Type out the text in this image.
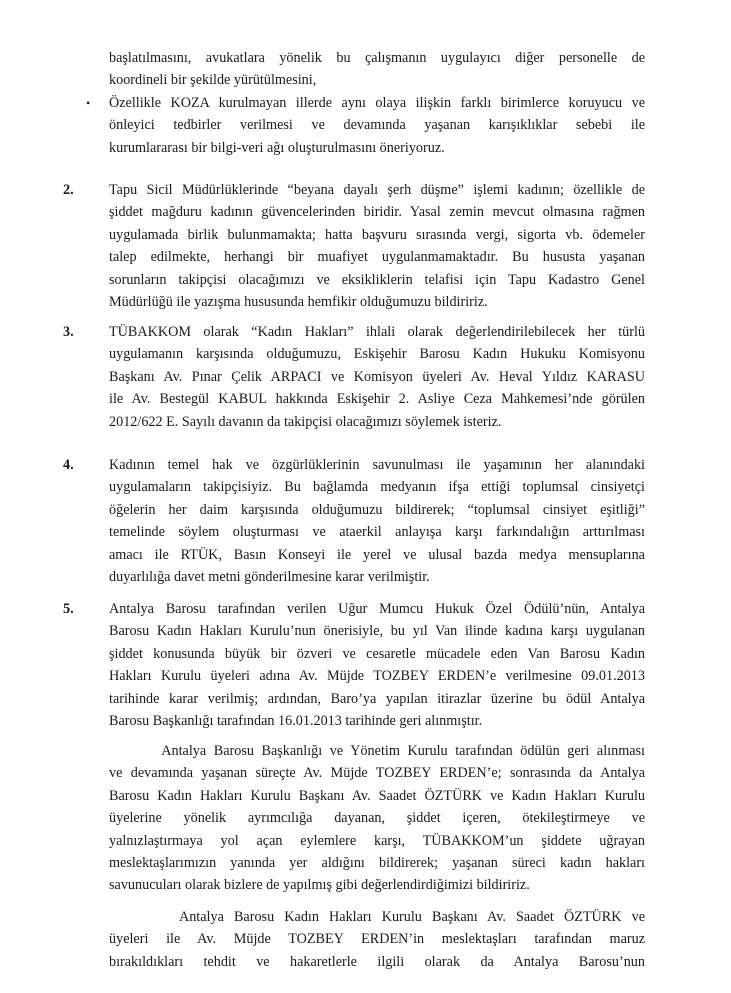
başlatılmasını, avukatlara yönelik bu çalışmanın uygulayıcı diğer personelle de
koordineli bir şekilde yürütülmesini,
• Özellikle KOZA kurulmayan illerde aynı olaya ilişkin farklı birimlerce koruyucu ve
önleyici tedbirler verilmesi ve devamında yaşanan karışıklıklar sebebi ile
kurumlararası bir bilgi-veri ağı oluşturulmasını öneriyoruz.
2. Tapu Sicil Müdürlüklerinde “beyana dayalı şerh düşme” işlemi kadının; özellikle de
şiddet mağduru kadının güvencelerinden biridir. Yasal zemin mevcut olmasına rağmen
uygulamada birlik bulunmamakta; hatta başvuru sırasında vergi, sigorta vb. ödemeler
talep edilmekte, herhangi bir muafiyet uygulanmamaktadır. Bu hususta yaşanan
sorunların takipçisi olacağımızı ve eksikliklerin telafisi için Tapu Kadastro Genel
Müdürlüğü ile yazışma hususunda hemfikir olduğumuzu bildiririz.
3. TÜBAKKOM olarak “Kadın Hakları” ihlali olarak değerlendirilebilecek her türlü
uygulamanın karşısında olduğumuzu, Eskişehir Barosu Kadın Hukuku Komisyonu
Başkanı Av. Pınar Çelik ARPACI ve Komisyon üyeleri Av. Heval Yıldız KARASU
ile Av. Bestegül KABUL hakkında Eskişehir 2. Asliye Ceza Mahkemesi’nde görülen
2012/622 E. Sayılı davanın da takipçisi olacağımızı söylemek isteriz.
4. Kadının temel hak ve özgürlüklerinin savunulması ile yaşamının her alanındaki
uygulamaların takipçisiyiz. Bu bağlamda medyanın ifşa ettiği toplumsal cinsiyetçi
öğelerin her daim karşısında olduğumuzu bildirerek; “toplumsal cinsiyet eşitliği”
temelinde söylem oluşturması ve ataerkil anlayışa karşı farkındalığın arttırılması
amacı ile RTÜK, Basın Konseyi ile yerel ve ulusal bazda medya mensuplarına
duyarlılığa davet metni gönderilmesine karar verilmiştir.
5. Antalya Barosu tarafından verilen Uğur Mumcu Hukuk Özel Ödülü’nün, Antalya
Barosu Kadın Hakları Kurulu’nun önerisiyle, bu yıl Van ilinde kadına karşı uygulanan
şiddet konusunda büyük bir özveri ve cesaretle mücadele eden Van Barosu Kadın
Hakları Kurulu üyeleri adına Av. Müjde TOZBEY ERDEN’e verilmesine 09.01.2013
tarihinde karar verilmiş; ardından, Baro’ya yapılan itirazlar üzerine bu ödül Antalya
Barosu Başkanlığı tarafından 16.01.2013 tarihinde geri alınmıştır.
Antalya Barosu Başkanlığı ve Yönetim Kurulu tarafından ödülün geri alınması
ve devamında yaşanan süreçte Av. Müjde TOZBEY ERDEN’e; sonrasında da Antalya
Barosu Kadın Hakları Kurulu Başkanı Av. Saadet ÖZTÜRK ve Kadın Hakları Kurulu
üyelerine yönelik ayrımcılığa dayanan, şiddet içeren, ötekileştirmeye ve
yalnızlaştırmaya yol açan eylemlere karşı, TÜBAKKOM’un şiddete uğrayan
meslektaşlarımızın yanında yer aldığını bildirerek; yaşanan süreci kadın hakları
savunucuları olarak bizlere de yapılmış gibi değerlendirdiğimizi bildiririz.
Antalya Barosu Kadın Hakları Kurulu Başkanı Av. Saadet ÖZTÜRK ve
üyeleri ile Av. Müjde TOZBEY ERDEN’in meslektaşları tarafından maruz
bırakıldıkları tehdit ve hakaretlerle ilgili olarak da Antalya Barosu’nun
